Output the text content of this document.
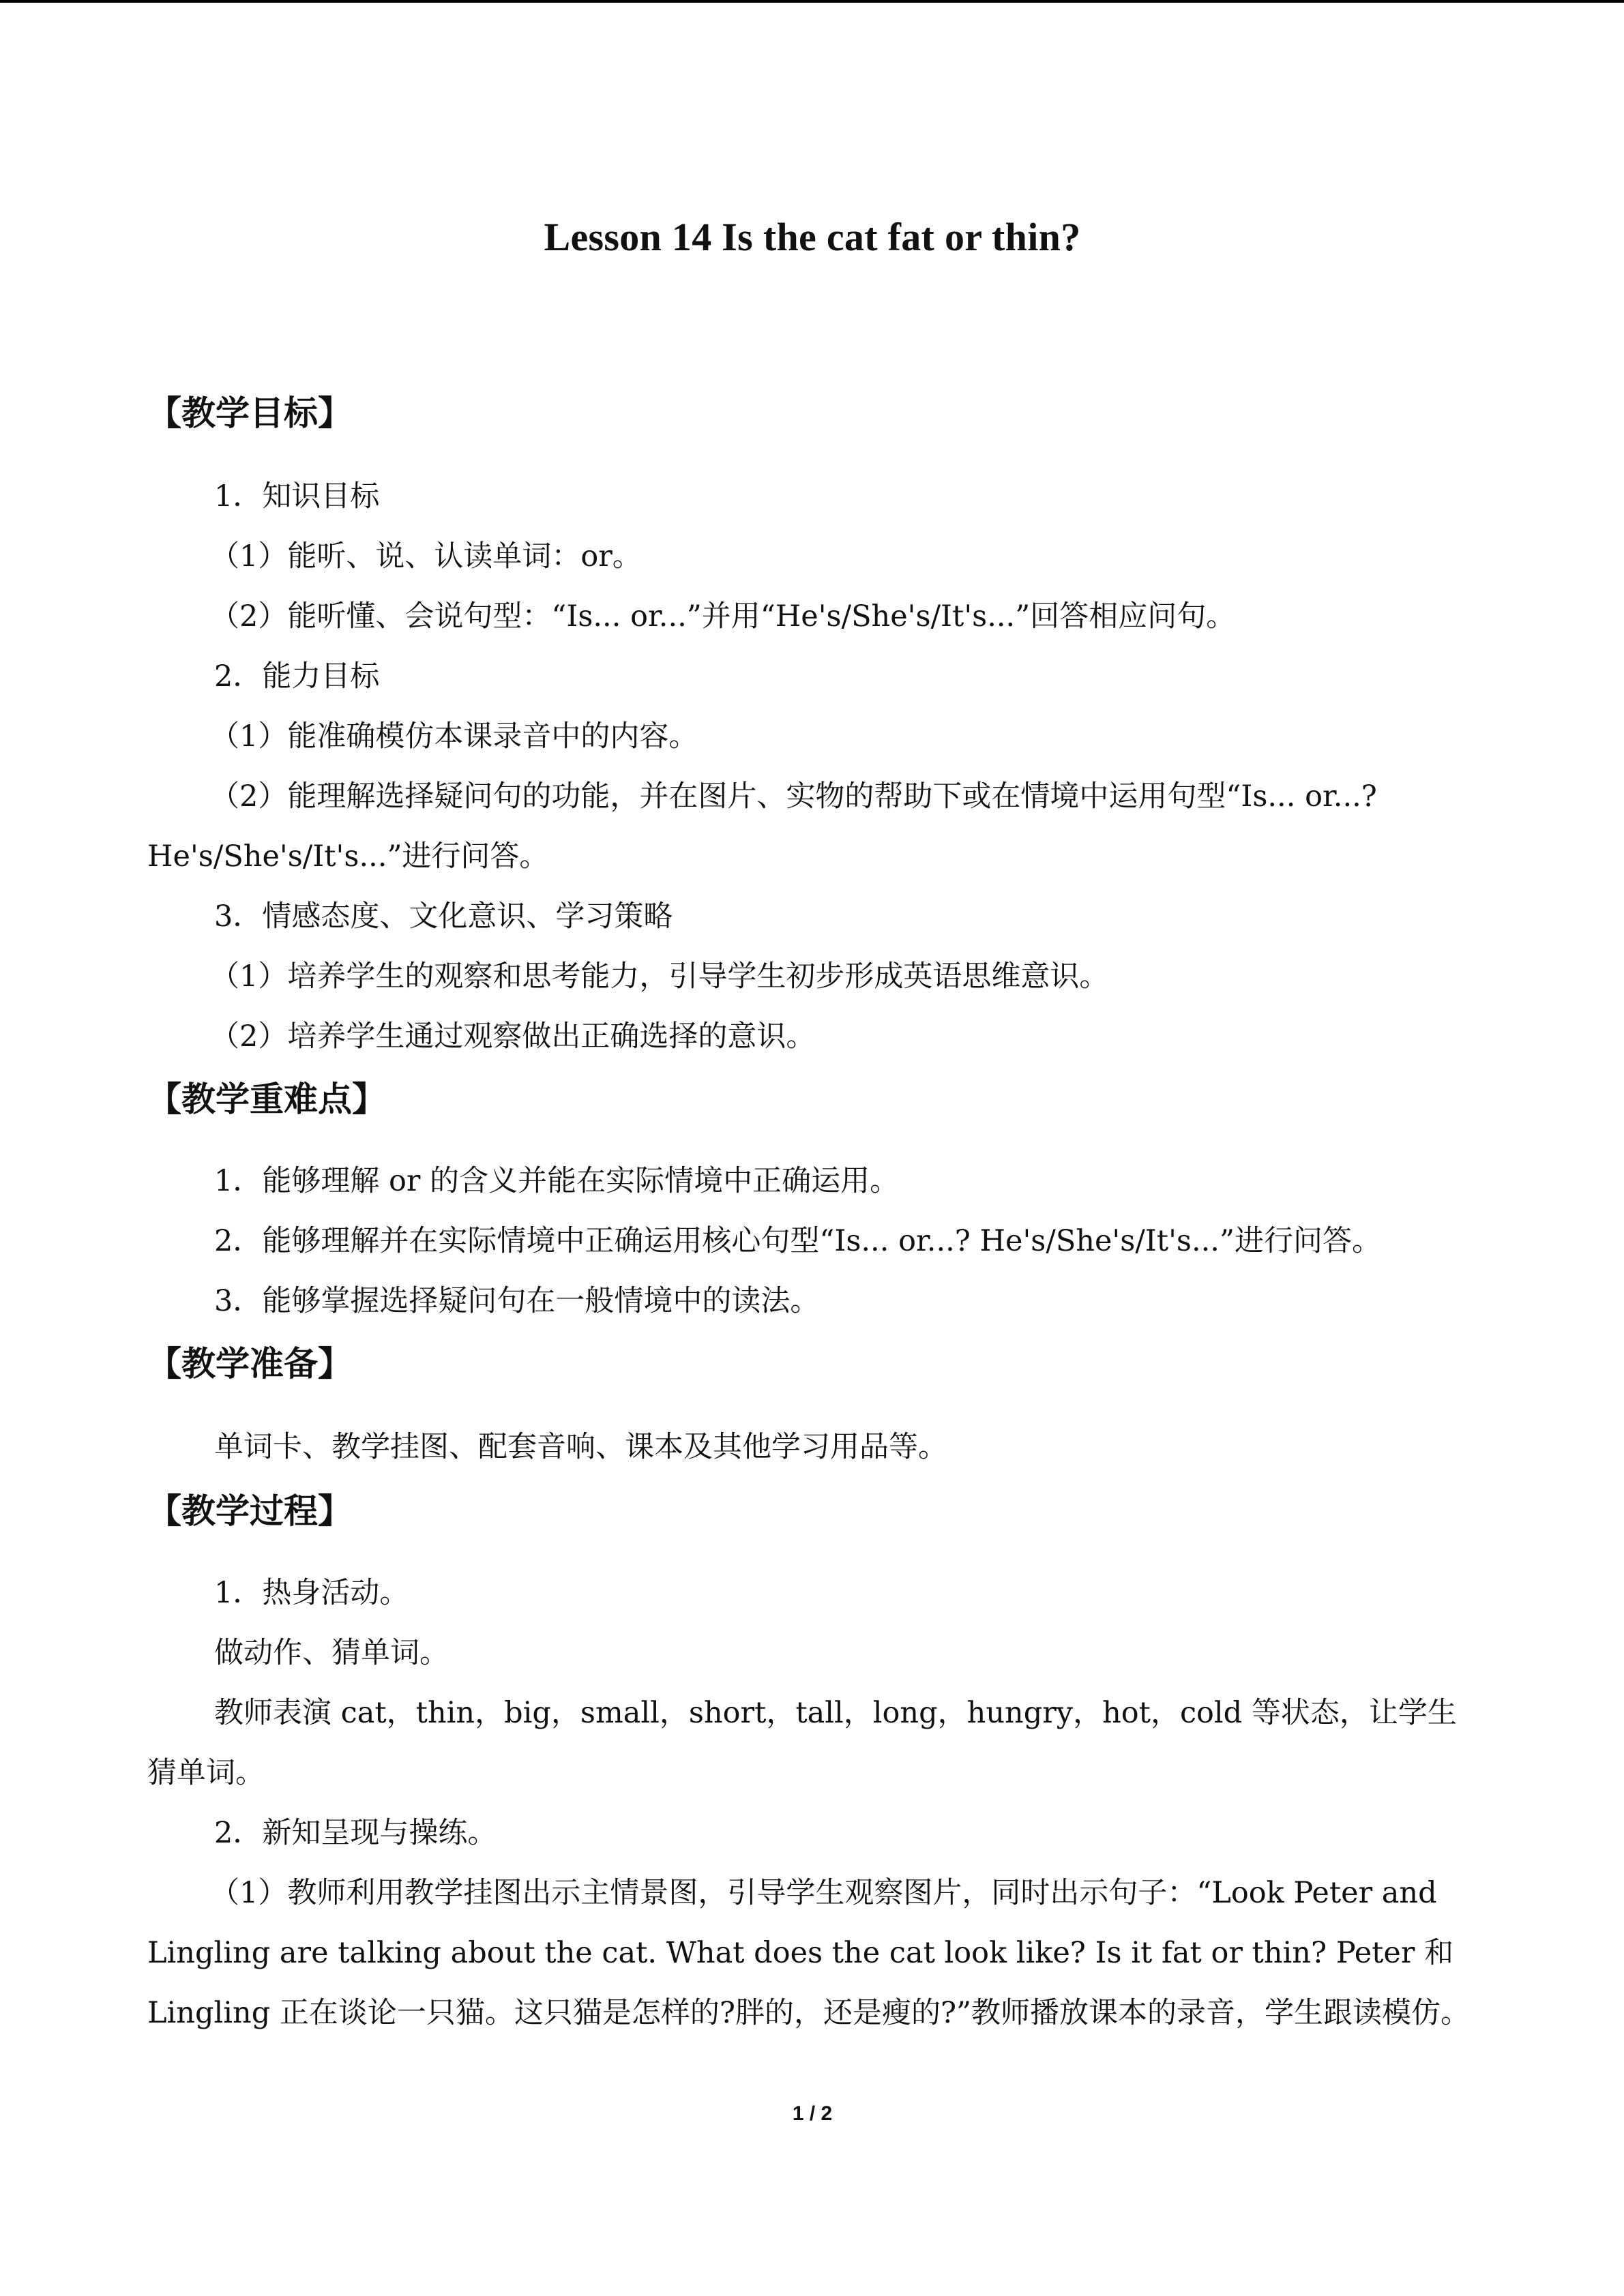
Lesson 14 Is the cat fat or thin?
【教学目标】
1．知识目标
（1）能听、说、认读单词：or。
（2）能听懂、会说句型：“Is... or...”并用“He's/She's/It's...”回答相应问句。
2．能力目标
（1）能准确模仿本课录音中的内容。
（2）能理解选择疑问句的功能，并在图片、实物的帮助下或在情境中运用句型“Is... or...? He's/She's/It's...”进行问答。
3．情感态度、文化意识、学习策略
（1）培养学生的观察和思考能力，引导学生初步形成英语思维意识。
（2）培养学生通过观察做出正确选择的意识。
【教学重难点】
1．能够理解 or 的含义并能在实际情境中正确运用。
2．能够理解并在实际情境中正确运用核心句型“Is... or...? He's/She's/It's...”进行问答。
3．能够掌握选择疑问句在一般情境中的读法。
【教学准备】
单词卡、教学挂图、配套音响、课本及其他学习用品等。
【教学过程】
1．热身活动。
做动作、猜单词。
教师表演 cat，thin，big，small，short，tall，long，hungry，hot，cold 等状态，让学生猜单词。
2．新知呈现与操练。
（1）教师利用教学挂图出示主情景图，引导学生观察图片，同时出示句子：“Look Peter and Lingling are talking about the cat. What does the cat look like? Is it fat or thin? Peter 和 Lingling 正在谈论一只猫。这只猫是怎样的?胖的，还是瘦的?”教师播放课本的录音，学生跟读模仿。
1 / 2
